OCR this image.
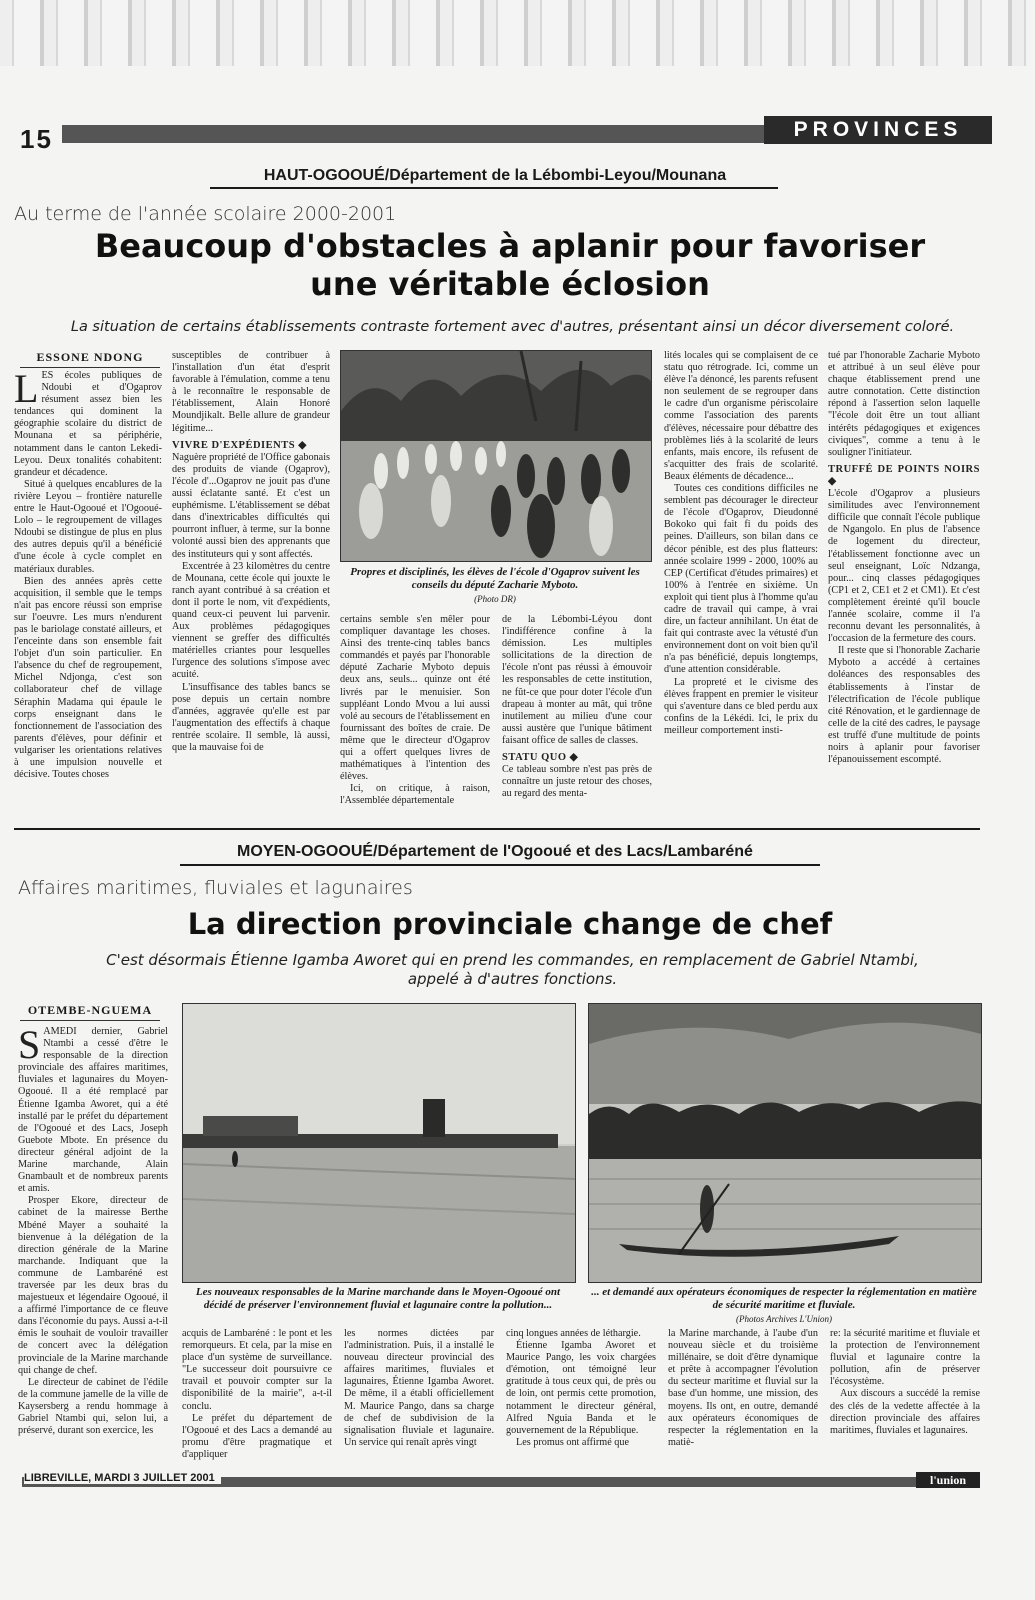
15	PROVINCES
HAUT-OGOOUÉ/Département de la Lébombi-Leyou/Mounana
Au terme de l'année scolaire 2000-2001
Beaucoup d'obstacles à aplanir pour favoriser
une véritable éclosion
La situation de certains établissements contraste fortement avec d'autres, présentant ainsi un décor diversement coloré.
ESSONE NDONG
L ES écoles publiques de Ndoubi et d'Ogaprov résument assez bien les tendances qui dominent la géographie scolaire du district de Mounana et sa périphérie, notamment dans le canton Lekedi-Leyou. Deux tonalités cohabitent: grandeur et décadence.

Situé à quelques encablures de la rivière Leyou – frontière naturelle entre le Haut-Ogooué et l'Ogooué-Lolo – le regroupement de villages Ndoubi se distingue de plus en plus des autres depuis qu'il a bénéficié d'une école à cycle complet en matériaux durables.

Bien des années après cette acquisition, il semble que le temps n'ait pas encore réussi son emprise sur l'oeuvre. Les murs n'endurent pas le bariolage constaté ailleurs, et l'enceinte dans son ensemble fait l'objet d'un soin particulier. En l'absence du chef de regroupement, Michel Ndjonga, c'est son collaborateur chef de village Séraphin Madama qui épaule le corps enseignant dans le fonctionnement de l'association des parents d'élèves, pour définir et vulgariser les orientations relatives à une impulsion nouvelle et décisive. Toutes choses

susceptibles de contribuer à l'installation d'un état d'esprit favorable à l'émulation, comme a tenu à le reconnaître le responsable de l'établissement, Alain Honoré Moundjikalt. Belle allure de grandeur légitime...

VIVRE D'EXPÉDIENTS ◆

Naguère propriété de l'Office gabonais des produits de viande (Ogaprov), l'école d'...Ogaprov ne jouit pas d'une aussi éclatante santé. Et c'est un euphémisme. L'établissement se débat dans d'inextricables difficultés qui pourront influer, à terme, sur la bonne volonté aussi bien des apprenants que des instituteurs qui y sont affectés.

Excentrée à 23 kilomètres du centre de Mounana, cette école qui jouxte le ranch ayant contribué à sa création et dont il porte le nom, vit d'expédients, quand ceux-ci peuvent lui parvenir. Aux problèmes pédagogiques viennent se greffer des difficultés matérielles criantes pour lesquelles l'urgence des solutions s'impose avec acuité.

L'insuffisance des tables bancs se pose depuis un certain nombre d'années, aggravée qu'elle est par l'augmentation des effectifs à chaque rentrée scolaire. Il semble, là aussi, que la mauvaise foi de

Propres et disciplinés, les élèves de l'école d'Ogaprov suivent les conseils du député Zacharie Myboto.
(Photo DR)

certains semble s'en mêler pour compliquer davantage les choses. Ainsi des trente-cinq tables bancs commandés et payés par l'honorable député Zacharie Myboto depuis deux ans, seuls... quinze ont été livrés par le menuisier. Son suppléant Londo Mvou a lui aussi volé au secours de l'établissement en fournissant des boîtes de craie. De même que le directeur d'Ogaprov qui a offert quelques livres de mathématiques à l'intention des élèves.

Ici, on critique, à raison, l'Assemblée départementale

de la Lébombi-Léyou dont l'indifférence confine à la démission. Les multiples sollicitations de la direction de l'école n'ont pas réussi à émouvoir les responsables de cette institution, ne fût-ce que pour doter l'école d'un drapeau à monter au mât, qui trône inutilement au milieu d'une cour aussi austère que l'unique bâtiment faisant office de salles de classes.

STATU QUO ◆

Ce tableau sombre n'est pas près de connaître un juste retour des choses, au regard des menta-

lités locales qui se complaisent de ce statu quo rétrograde. Ici, comme un élève l'a dénoncé, les parents refusent non seulement de se regrouper dans le cadre d'un organisme périscolaire comme l'association des parents d'élèves, nécessaire pour débattre des problèmes liés à la scolarité de leurs enfants, mais encore, ils refusent de s'acquitter des frais de scolarité. Beaux éléments de décadence...

Toutes ces conditions difficiles ne semblent pas décourager le directeur de l'école d'Ogaprov, Dieudonné Bokoko qui fait fi du poids des peines. D'ailleurs, son bilan dans ce décor pénible, est des plus flatteurs: année scolaire 1999 - 2000, 100% au CEP (Certificat d'études primaires) et 100% à l'entrée en sixième. Un exploit qui tient plus à l'homme qu'au cadre de travail qui campe, à vrai dire, un facteur annihilant. Un état de fait qui contraste avec la vétusté d'un environnement dont on voit bien qu'il n'a pas bénéficié, depuis longtemps, d'une attention considérable.

La propreté et le civisme des élèves frappent en premier le visiteur qui s'aventure dans ce bled perdu aux confins de la Lékédi. Ici, le prix du meilleur comportement insti-

tué par l'honorable Zacharie Myboto et attribué à un seul élève pour chaque établissement prend une autre connotation. Cette distinction répond à l'assertion selon laquelle "l'école doit être un tout alliant intérêts pédagogiques et exigences civiques", comme a tenu à le souligner l'initiateur.

TRUFFÉ DE POINTS NOIRS ◆

L'école d'Ogaprov a plusieurs similitudes avec l'environnement difficile que connaît l'école publique de Ngangolo. En plus de l'absence de logement du directeur, l'établissement fonctionne avec un seul enseignant, Loïc Ndzanga, pour... cinq classes pédagogiques (CP1 et 2, CE1 et 2 et CM1). Et c'est complètement éreinté qu'il boucle l'année scolaire, comme il l'a reconnu devant les personnalités, à l'occasion de la fermeture des cours.

Il reste que si l'honorable Zacharie Myboto a accédé à certaines doléances des responsables des établissements à l'instar de l'électrification de l'école publique cité Rénovation, et le gardiennage de celle de la cité des cadres, le paysage est truffé d'une multitude de points noirs à aplanir pour favoriser l'épanouissement escompté.

MOYEN-OGOOUÉ/Département de l'Ogooué et des Lacs/Lambaréné
Affaires maritimes, fluviales et lagunaires
La direction provinciale change de chef
C'est désormais Étienne Igamba Aworet qui en prend les commandes, en remplacement de Gabriel Ntambi,
appelé à d'autres fonctions.
OTEMBE-NGUEMA
S AMEDI dernier, Gabriel Ntambi a cessé d'être le responsable de la direction provinciale des affaires maritimes, fluviales et lagunaires du Moyen-Ogooué. Il a été remplacé par Étienne Igamba Aworet, qui a été installé par le préfet du département de l'Ogooué et des Lacs, Joseph Guebote Mbote. En présence du directeur général adjoint de la Marine marchande, Alain Gnambault et de nombreux parents et amis.

Prosper Ekore, directeur de cabinet de la mairesse Berthe Mbéné Mayer a souhaité la bienvenue à la délégation de la direction générale de la Marine marchande. Indiquant que la commune de Lambaréné est traversée par les deux bras du majestueux et légendaire Ogooué, il a affirmé l'importance de ce fleuve dans l'économie du pays. Aussi a-t-il émis le souhait de vouloir travailler de concert avec la délégation provinciale de la Marine marchande qui change de chef.

Le directeur de cabinet de l'édile de la commune jamelle de la ville de Kaysersberg a rendu hommage à Gabriel Ntambi qui, selon lui, a préservé, durant son exercice, les

Les nouveaux responsables de la Marine marchande dans le Moyen-Ogooué ont décidé de préserver l'environnement fluvial et lagunaire contre la pollution...
... et demandé aux opérateurs économiques de respecter la réglementation en matière de sécurité maritime et fluviale.
(Photos Archives L'Union)

acquis de Lambaréné : le pont et les remorqueurs. Et cela, par la mise en place d'un système de surveillance. "Le successeur doit poursuivre ce travail et pouvoir compter sur la disponibilité de la mairie", a-t-il conclu.

Le préfet du département de l'Ogooué et des Lacs a demandé au promu d'être pragmatique et d'appliquer

les normes dictées par l'administration. Puis, il a installé le nouveau directeur provincial des affaires maritimes, fluviales et lagunaires, Étienne Igamba Aworet. De même, il a établi officiellement M. Maurice Pango, dans sa charge de chef de subdivision de la signalisation fluviale et lagunaire. Un service qui renaît après vingt

cinq longues années de léthargie.

Étienne Igamba Aworet et Maurice Pango, les voix chargées d'émotion, ont témoigné leur gratitude à tous ceux qui, de près ou de loin, ont permis cette promotion, notamment le directeur général, Alfred Nguia Banda et le gouvernement de la République.

Les promus ont affirmé que

la Marine marchande, à l'aube d'un nouveau siècle et du troisième millénaire, se doit d'être dynamique et prête à accompagner l'évolution du secteur maritime et fluvial sur la base d'un homme, une mission, des moyens. Ils ont, en outre, demandé aux opérateurs économiques de respecter la réglementation en la matiè-

re: la sécurité maritime et fluviale et la protection de l'environnement fluvial et lagunaire contre la pollution, afin de préserver l'écosystème.

Aux discours a succédé la remise des clés de la vedette affectée à la direction provinciale des affaires maritimes, fluviales et lagunaires.

LIBREVILLE, MARDI 3 JUILLET 2001	l'union
